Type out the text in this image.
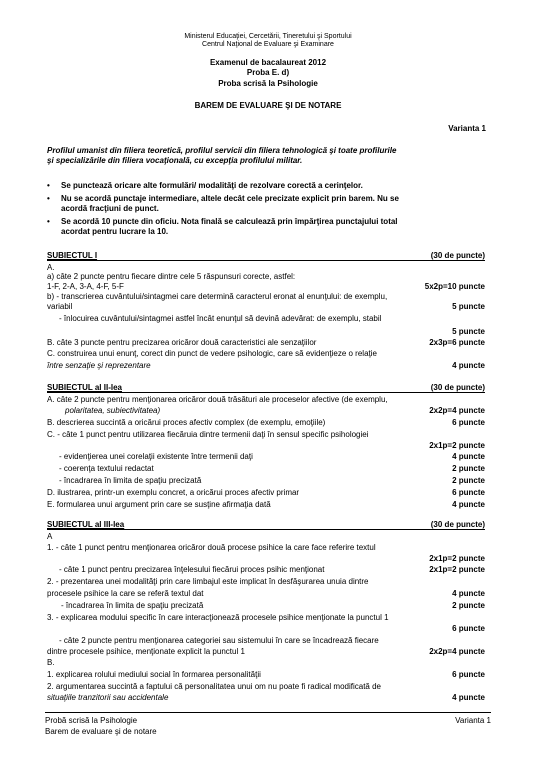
Ministerul Educaţiei, Cercetării, Tineretului şi Sportului
Centrul Naţional de Evaluare şi Examinare
Examenul de bacalaureat 2012
Proba E. d)
Proba scrisă la Psihologie
BAREM DE EVALUARE ŞI DE NOTARE
Varianta 1
Profilul umanist din filiera teoretică, profilul servicii din filiera tehnologică şi toate profilurile
şi specializările din filiera vocaţională, cu excepţia profilului militar.
• Se punctează oricare alte formulări/ modalităţi de rezolvare corectă a cerinţelor.
• Nu se acordă punctaje intermediare, altele decât cele precizate explicit prin barem. Nu se
acordă fracţiuni de punct.
• Se acordă 10 puncte din oficiu. Nota finală se calculează prin împărţirea punctajului total
acordat pentru lucrare la 10.
SUBIECTUL I	(30 de puncte)
A.
a) câte 2 puncte pentru fiecare dintre cele 5 răspunsuri corecte, astfel:
1-F, 2-A, 3-A, 4-F, 5-F	5x2p=10 puncte
b) - transcrierea cuvântului/sintagmei care determină caracterul eronat al enunţului: de exemplu,
variabil	5 puncte
- înlocuirea cuvântului/sintagmei astfel încât enunţul să devină adevărat: de exemplu, stabil
5 puncte
B. câte 3 puncte pentru precizarea oricăror două caracteristici ale senzaţiilor	2x3p=6 puncte
C. construirea unui enunţ, corect din punct de vedere psihologic, care să evidenţieze o relaţie
între senzaţie şi reprezentare	4 puncte
SUBIECTUL al II-lea	(30 de puncte)
A. câte 2 puncte pentru menţionarea oricăror două trăsături ale proceselor afective (de exemplu,
polaritatea, subiectivitatea)	2x2p=4 puncte
B. descrierea succintă a oricărui proces afectiv complex (de exemplu, emoţiile)	6 puncte
C. - câte 1 punct pentru utilizarea fiecăruia dintre termenii daţi în sensul specific psihologiei
2x1p=2 puncte
- evidenţierea unei corelaţii existente între termenii daţi	4 puncte
- coerenţa textului redactat	2 puncte
- încadrarea în limita de spaţiu precizată	2 puncte
D. ilustrarea, printr-un exemplu concret, a oricărui proces afectiv primar	6 puncte
E. formularea unui argument prin care se susţine afirmaţia dată	4 puncte
SUBIECTUL al III-lea	(30 de puncte)
A
1. - câte 1 punct pentru menţionarea oricăror două procese psihice la care face referire textul
2x1p=2 puncte
- câte 1 punct pentru precizarea înţelesului fiecărui proces psihic menţionat	2x1p=2 puncte
2. - prezentarea unei modalităţi prin care limbajul este implicat în desfăşurarea unuia dintre
procesele psihice la care se referă textul dat	4 puncte
- încadrarea în limita de spaţiu precizată	2 puncte
3. - explicarea modului specific în care interacţionează procesele psihice menţionate la punctul 1
6 puncte
- câte 2 puncte pentru menţionarea categoriei sau sistemului în care se încadrează fiecare
dintre procesele psihice, menţionate explicit la punctul 1	2x2p=4 puncte
B.
1. explicarea rolului mediului social în formarea personalităţii	6 puncte
2. argumentarea succintă a faptului că personalitatea unui om nu poate fi radical modificată de
situaţiile tranzitorii sau accidentale	4 puncte
Probă scrisă la Psihologie
Barem de evaluare şi de notare
Varianta 1
